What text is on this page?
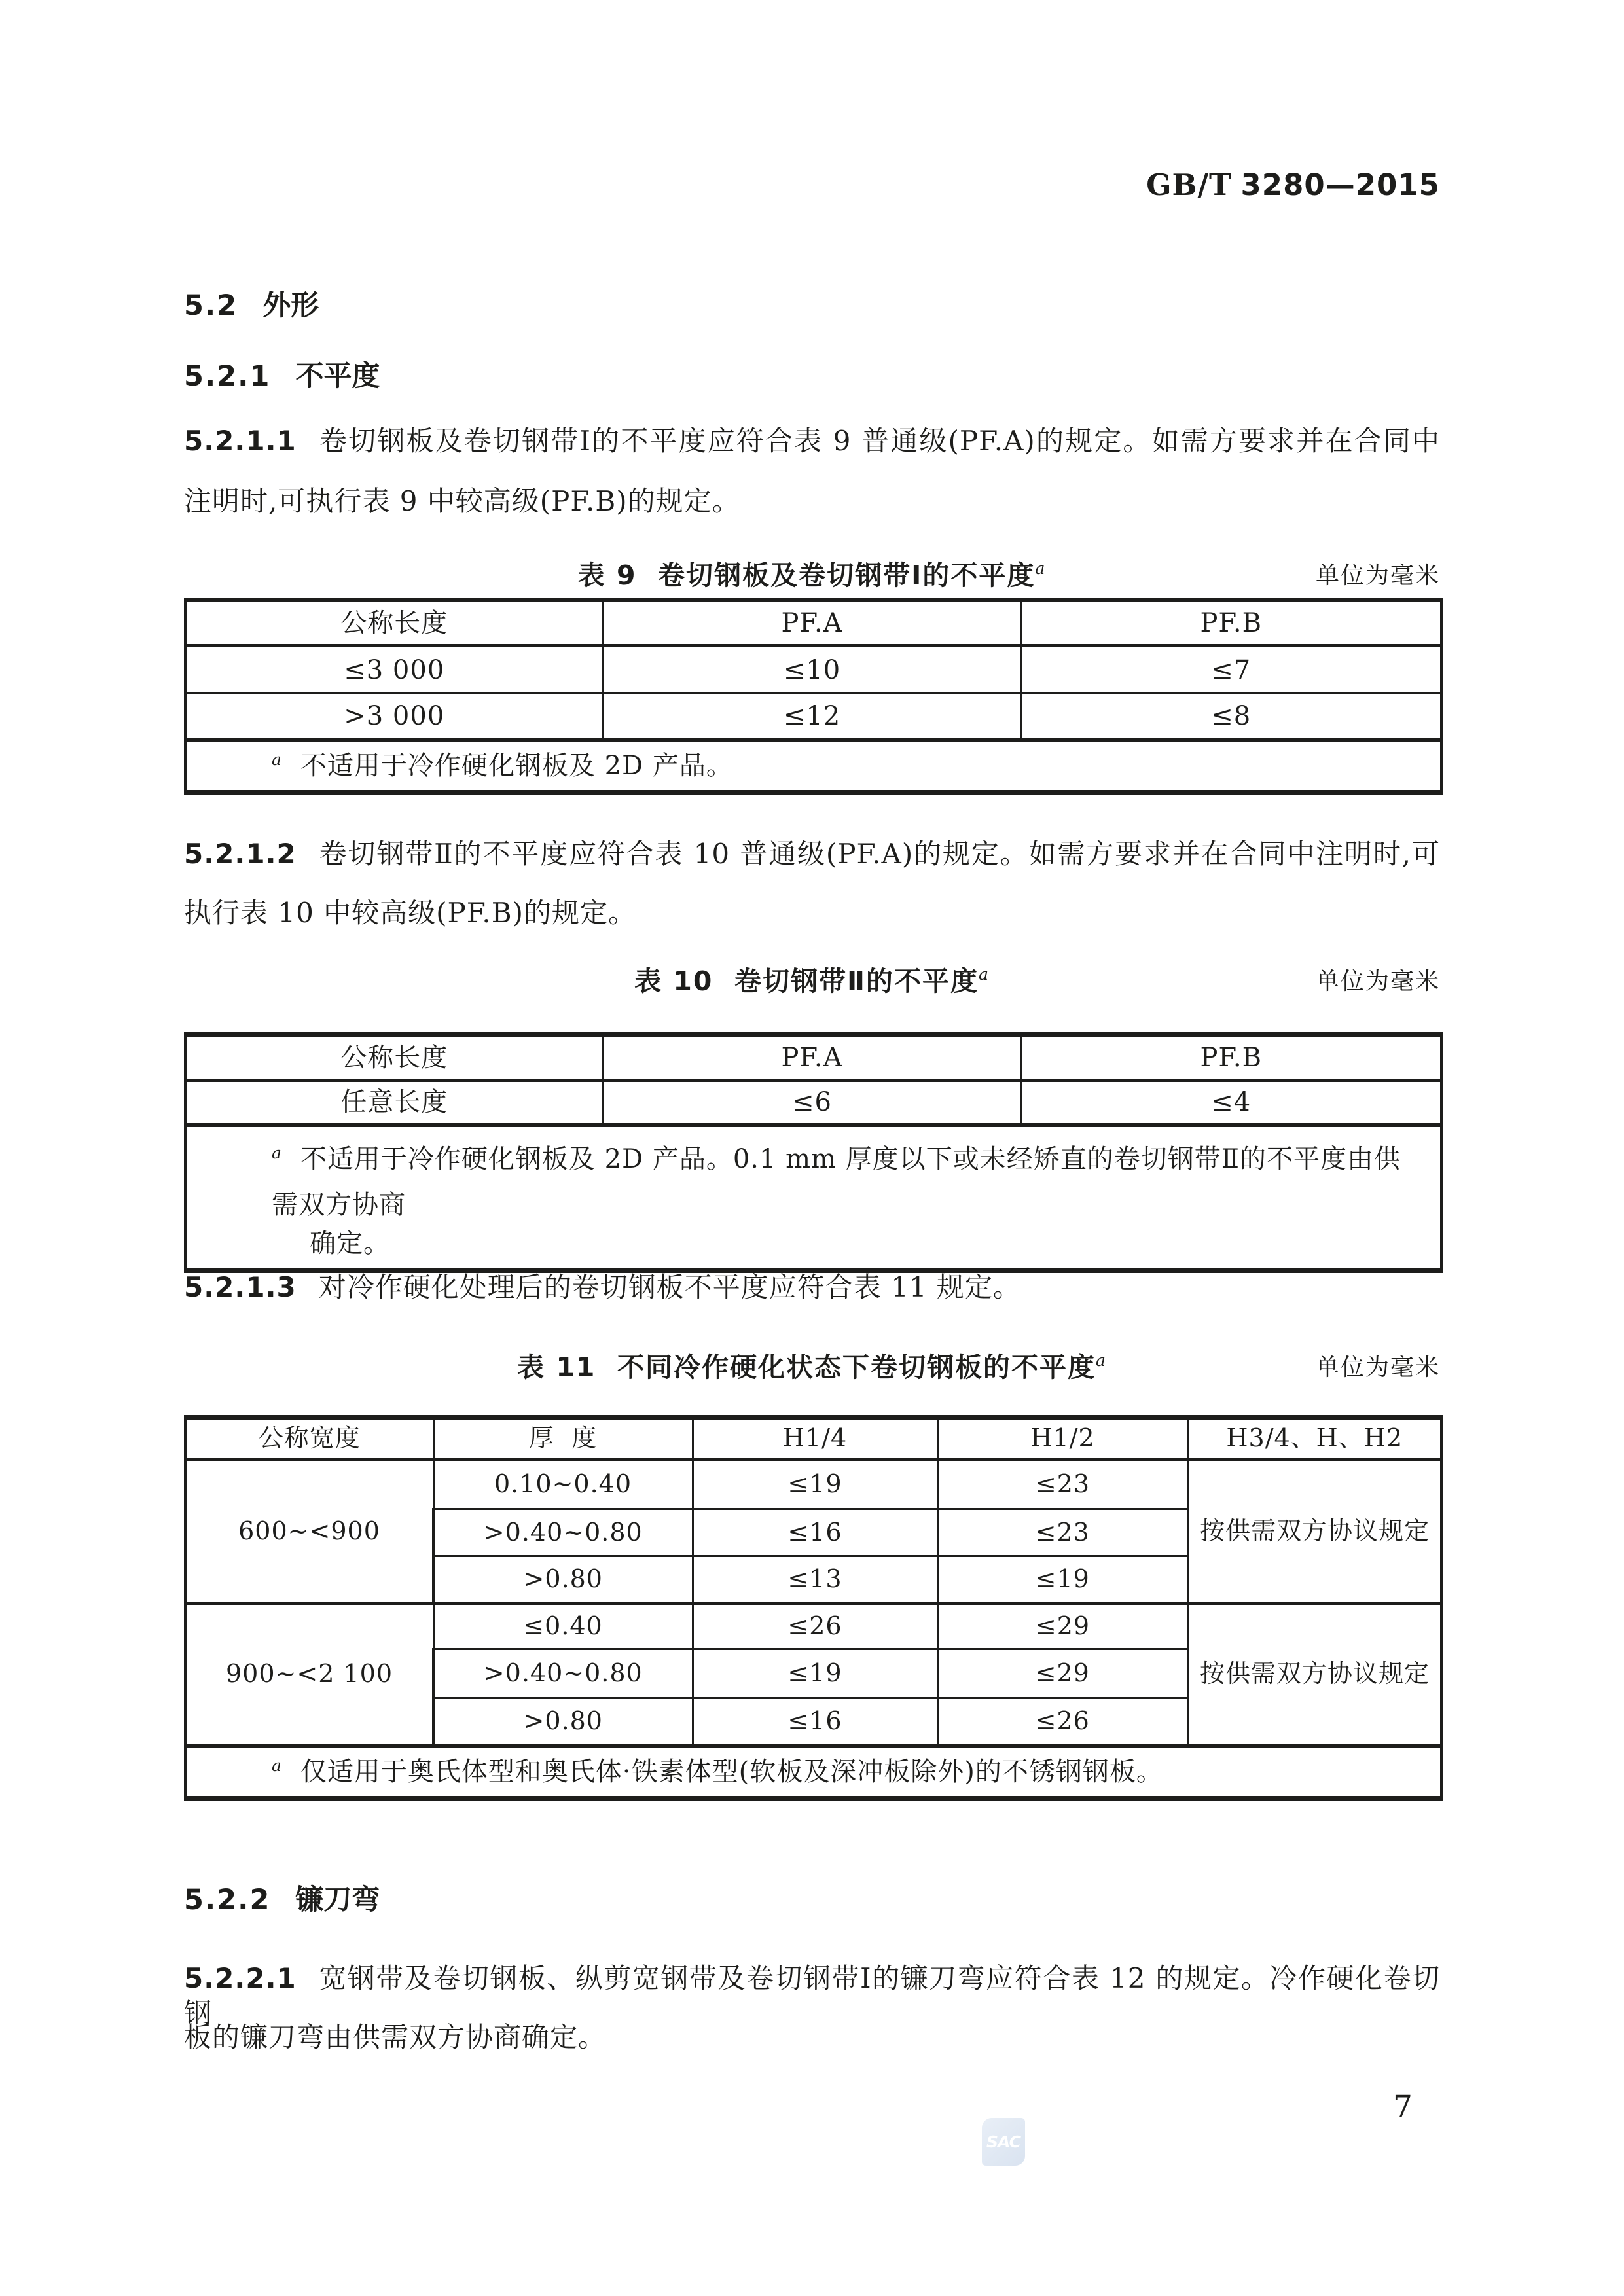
GB/T 3280—2015
5.2 外形
5.2.1 不平度
5.2.1.1 卷切钢板及卷切钢带Ⅰ的不平度应符合表 9 普通级(PF.A)的规定。如需方要求并在合同中
注明时,可执行表 9 中较高级(PF.B)的规定。
表 9  卷切钢板及卷切钢带Ⅰ的不平度$^a$	单位为毫米
公称长度	PF.A	PF.B
≤3 000	≤10	≤7
>3 000	≤12	≤8

$^a$ 不适用于冷作硬化钢板及 2D 产品。		
5.2.1.2 卷切钢带Ⅱ的不平度应符合表 10 普通级(PF.A)的规定。如需方要求并在合同中注明时,可
执行表 10 中较高级(PF.B)的规定。
表 10  卷切钢带Ⅱ的不平度$^a$	单位为毫米
公称长度	PF.A	PF.B
任意长度	≤6	≤4

$^a$ 不适用于冷作硬化钢板及 2D 产品。0.1 mm 厚度以下或未经矫直的卷切钢带Ⅱ的不平度由供需双方协商
确定。		
5.2.1.3 对冷作硬化处理后的卷切钢板不平度应符合表 11 规定。
表 11  不同冷作硬化状态下卷切钢板的不平度$^a$	单位为毫米
公称宽度	厚  度	H1/4	H1/2	H3/4、H、H2
600~<900	0.10~0.40	≤19	≤23	按供需双方协议规定
	>0.40~0.80	≤16	≤23	
	>0.80	≤13	≤19	
900~<2 100	≤0.40	≤26	≤29	按供需双方协议规定
	>0.40~0.80	≤19	≤29	
	>0.80	≤16	≤26	

$^a$ 仅适用于奥氏体型和奥氏体·铁素体型(软板及深冲板除外)的不锈钢钢板。				
5.2.2 镰刀弯
5.2.2.1 宽钢带及卷切钢板、纵剪宽钢带及卷切钢带Ⅰ的镰刀弯应符合表 12 的规定。冷作硬化卷切钢
板的镰刀弯由供需双方协商确定。
7
SAC
